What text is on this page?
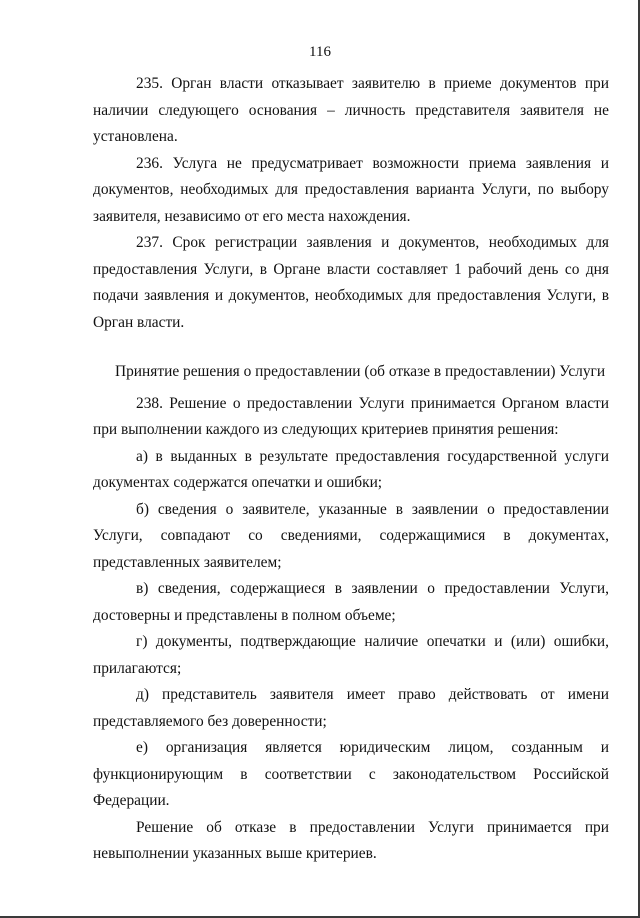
116

235. Орган власти отказывает заявителю в приеме документов при наличии следующего основания – личность представителя заявителя не установлена.

236. Услуга не предусматривает возможности приема заявления и документов, необходимых для предоставления варианта Услуги, по выбору заявителя, независимо от его места нахождения.

237. Срок регистрации заявления и документов, необходимых для предоставления Услуги, в Органе власти составляет 1 рабочий день со дня подачи заявления и документов, необходимых для предоставления Услуги, в Орган власти.

Принятие решения о предоставлении (об отказе в предоставлении) Услуги

238. Решение о предоставлении Услуги принимается Органом власти при выполнении каждого из следующих критериев принятия решения:

а) в выданных в результате предоставления государственной услуги документах содержатся опечатки и ошибки;

б) сведения о заявителе, указанные в заявлении о предоставлении Услуги, совпадают со сведениями, содержащимися в документах, представленных заявителем;

в) сведения, содержащиеся в заявлении о предоставлении Услуги, достоверны и представлены в полном объеме;

г) документы, подтверждающие наличие опечатки и (или) ошибки, прилагаются;

д) представитель заявителя имеет право действовать от имени представляемого без доверенности;

е) организация является юридическим лицом, созданным и функционирующим в соответствии с законодательством Российской Федерации.

Решение об отказе в предоставлении Услуги принимается при невыполнении указанных выше критериев.
